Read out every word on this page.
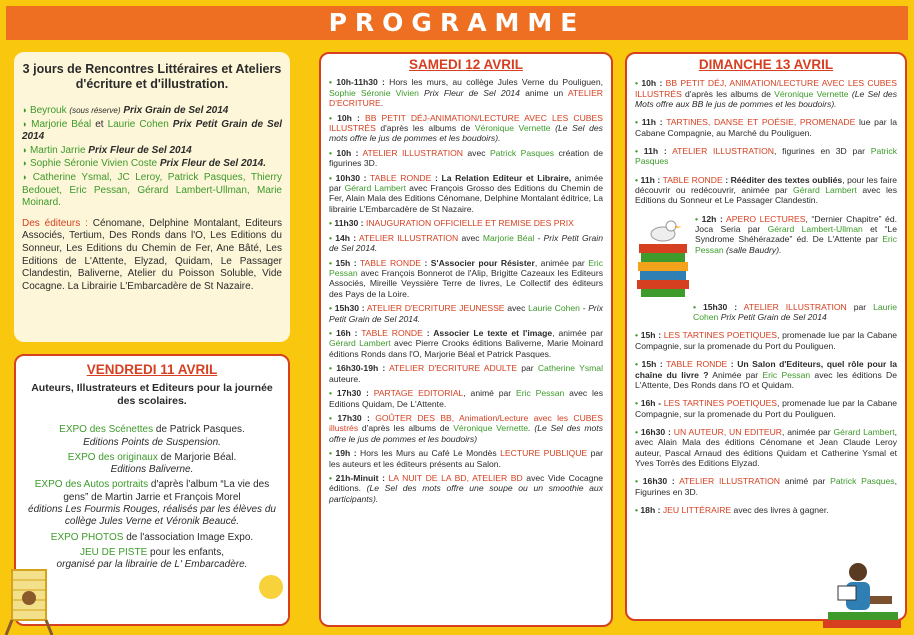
PROGRAMME
3 jours de Rencontres Littéraires et Ateliers d'écriture et d'illustration.
◗ Beyrouk (sous réserve) Prix Grain de Sel 2014
◗ Marjorie Béal et Laurie Cohen Prix Petit Grain de Sel 2014
◗ Martin Jarrie Prix Fleur de Sel 2014
◗ Sophie Séronie Vivien Coste Prix Fleur de Sel 2014.
◗ Catherine Ysmal, JC Leroy, Patrick Pasques, Thierry Bedouet, Eric Pessan, Gérard Lambert-Ullman, Marie Moinard.
Des éditeurs : Cénomane, Delphine Montalant, Editeurs Associés, Tertium, Des Ronds dans l'O, Les Editions du Sonneur, Les Editions du Chemin de Fer, Ane Bâté, Les Editions de L'Attente, Elyzad, Quidam, Le Passager Clandestin, Baliverne, Atelier du Poisson Soluble, Vide Cocagne. La Librairie L'Embarcadère de St Nazaire.
VENDREDI 11 AVRIL
Auteurs, Illustrateurs et Editeurs pour la journée des scolaires.

EXPO des Scénettes de Patrick Pasques.
Editions Points de Suspension.

EXPO des originaux de Marjorie Béal.
Editions Baliverne.

EXPO des Autos portraits d'après l'album “La vie des gens” de Martin Jarrie et François Morel
éditions Les Fourmis Rouges, réalisés par les élèves du collège Jules Verne et Véronik Beaucé.

EXPO PHOTOS de l'association Image Expo.

JEU DE PISTE pour les enfants,
organisé par la librairie de L' Embarcadère.

SAMEDI 12 AVRIL
• 10h-11h30 : Hors les murs, au collège Jules Verne du Pouliguen, Sophie Séronie Vivien Prix Fleur de Sel 2014 anime un ATELIER D'ECRITURE.
• 10h : BB PETIT DÉJ-ANIMATION/LECTURE AVEC LES CUBES ILLUSTRÉS d'après les albums de Véronique Vernette (Le Sel des mots offre le jus de pommes et les boudoirs).
• 10h : ATELIER ILLUSTRATION avec Patrick Pasques création de figurines 3D.
• 10h30 : TABLE RONDE : La Relation Editeur et Libraire, animée par Gérard Lambert avec François Grosso des Editions du Chemin de Fer, Alain Mala des Editions Cénomane, Delphine Montalant éditrice, La librairie L'Embarcadère de St Nazaire.
• 11h30 : INAUGURATION OFFICIELLE ET REMISE DES PRIX
• 14h : ATELIER ILLUSTRATION avec Marjorie Béal - Prix Petit Grain de Sel 2014.
• 15h : TABLE RONDE : S'Associer pour Résister, animée par Eric Pessan avec François Bonnerot de l'Alip, Brigitte Cazeaux les Editeurs Associés, Mireille Veyssière Terre de livres, Le Collectif des éditeurs des Pays de la Loire.
• 15h30 : ATELIER D'ECRITURE JEUNESSE avec Laurie Cohen - Prix Petit Grain de Sel 2014.
• 16h : TABLE RONDE : Associer Le texte et l'image, animée par Gérard Lambert avec Pierre Crooks éditions Baliverne, Marie Moinard éditions Ronds dans l'O, Marjorie Béal et Patrick Pasques.
• 16h30-19h : ATELIER D'ECRITURE ADULTE par Catherine Ysmal auteure.
• 17h30 : PARTAGE EDITORIAL, animé par Eric Pessan avec les Editions Quidam, De L'Attente.
• 17h30 : GOÛTER DES BB, Animation/Lecture avec les CUBES illustrés d'après les albums de Véronique Vernette. (Le Sel des mots offre le jus de pommes et les boudoirs)
• 19h : Hors les Murs au Café Le Mondès LECTURE PUBLIQUE par les auteurs et les éditeurs présents au Salon.
• 21h-Minuit : LA NUIT DE LA BD, ATELIER BD avec Vide Cocagne éditions. (Le Sel des mots offre une soupe ou un smoothie aux participants).
DIMANCHE 13 AVRIL
• 10h : BB PETIT DÉJ, ANIMATION/LECTURE AVEC LES CUBES ILLUSTRÉS d'après les albums de Véronique Vernette (Le Sel des Mots offre aux BB le jus de pommes et les boudoirs).
• 11h : TARTINES, DANSE ET POÉSIE, PROMENADE lue par la Cabane Compagnie, au Marché du Pouliguen.
• 11h : ATELIER ILLUSTRATION, figurines en 3D par Patrick Pasques
• 11h : TABLE RONDE : Rééditer des textes oubliés, pour les faire découvrir ou redécouvrir, animée par Gérard Lambert avec les Editions du Sonneur et Le Passager Clandestin.
• 12h : APERO LECTURES, “Dernier Chapitre” éd. Joca Seria par Gérard Lambert-Ullman et “Le Syndrome Shéhérazade” éd. De L'Attente par Eric Pessan (salle Baudry).
• 15h30 : ATELIER ILLUSTRATION par Laurie Cohen Prix Petit Grain de Sel 2014
• 15h : LES TARTINES POETIQUES, promenade lue par la Cabane Compagnie, sur la promenade du Port du Pouliguen.
• 15h : TABLE RONDE : Un Salon d'Editeurs, quel rôle pour la chaîne du livre ? Animée par Eric Pessan avec les éditions De L'Attente, Des Ronds dans l'O et Quidam.
• 16h - LES TARTINES POETIQUES, promenade lue par la Cabane Compagnie, sur la promenade du Port du Pouliguen.
• 16h30 : UN AUTEUR, UN EDITEUR, animée par Gérard Lambert, avec Alain Mala des éditions Cénomane et Jean Claude Leroy auteur, Pascal Arnaud des éditions Quidam et Catherine Ysmal et Yves Torrès des Editions Elyzad.
• 16h30 : ATELIER ILLUSTRATION animé par Patrick Pasques, Figurines en 3D.
• 18h : JEU LITTÉRAIRE avec des livres à gagner.
